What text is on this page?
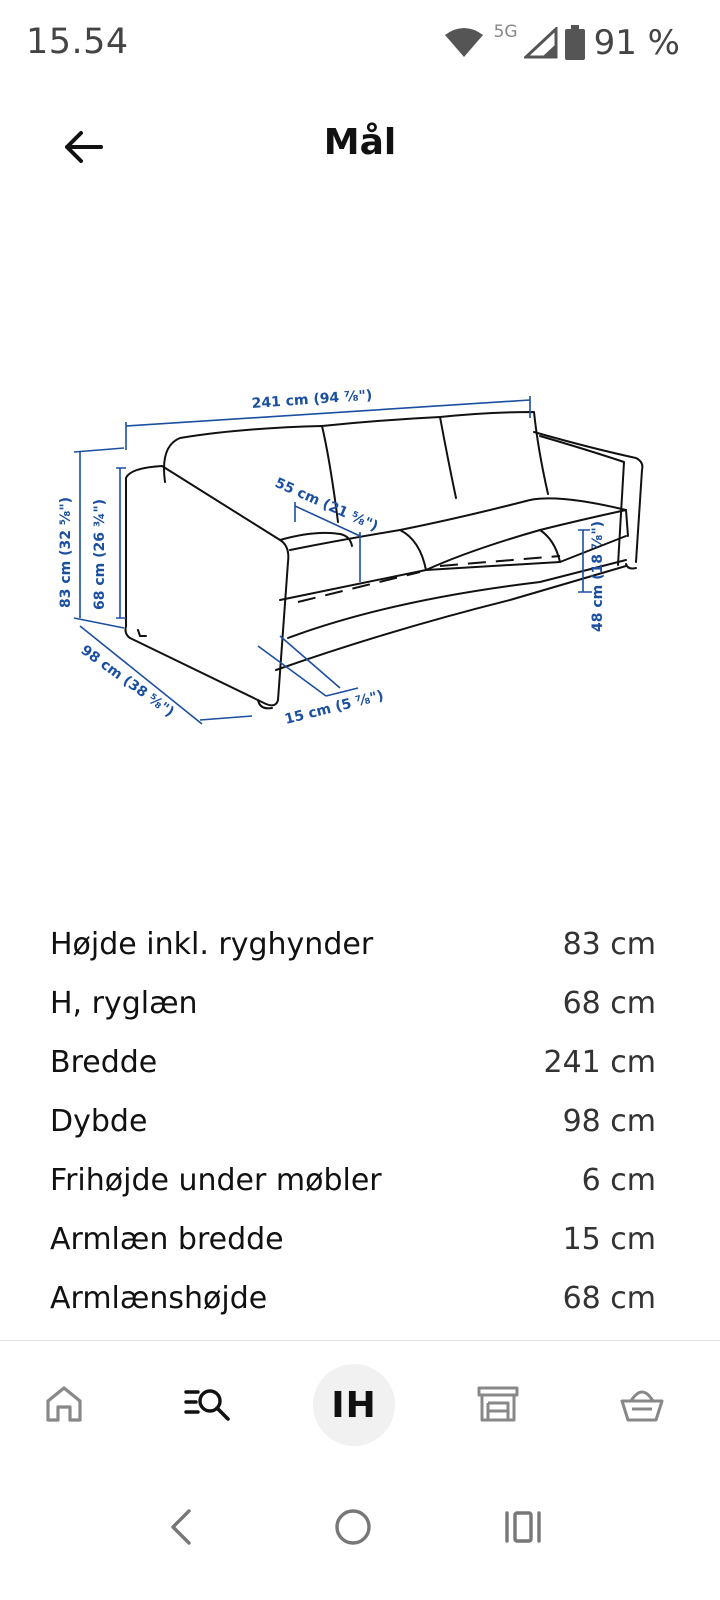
15.54	5G 91 %
Mål
241 cm (94 ⅞")
83 cm (32 ⅝") 68 cm (26 ¾")	55 cm (21 ⅝")
48 cm (18 ⅞")
98 cm (38 ⅝")	15 cm (5 ⅞")
Højde inkl. ryghynder	83 cm
H, ryglæn	68 cm
Bredde	241 cm
Dybde	98 cm
Frihøjde under møbler	6 cm
Armlæn bredde	15 cm
Armlænshøjde	68 cm
IH
